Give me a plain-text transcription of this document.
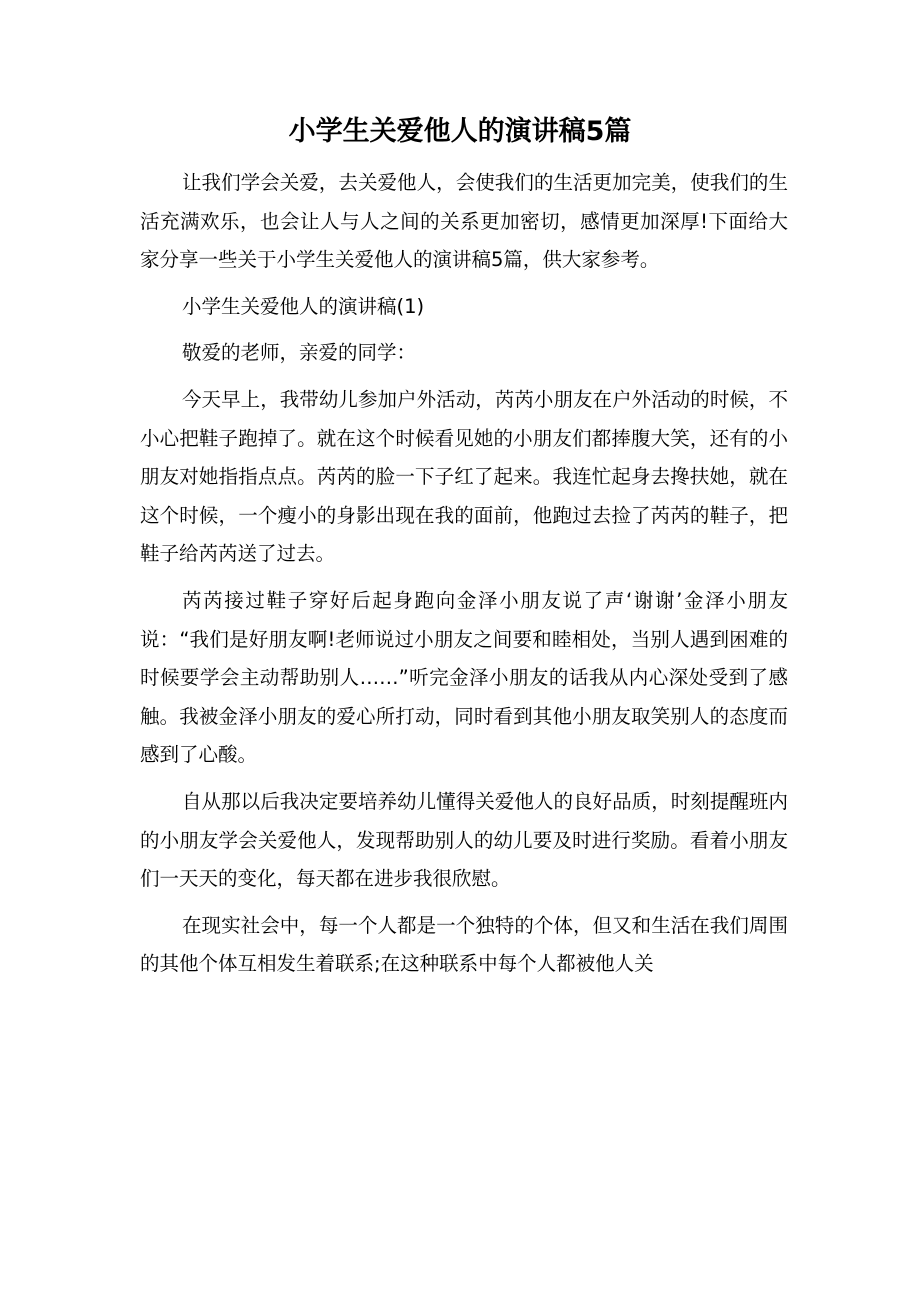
小学生关爱他人的演讲稿5篇

让我们学会关爱，去关爱他人，会使我们的生活更加完美，使我们的生活充满欢乐，也会让人与人之间的关系更加密切，感情更加深厚!下面给大家分享一些关于小学生关爱他人的演讲稿5篇，供大家参考。

小学生关爱他人的演讲稿(1)

敬爱的老师，亲爱的同学：

今天早上，我带幼儿参加户外活动，芮芮小朋友在户外活动的时候，不小心把鞋子跑掉了。就在这个时候看见她的小朋友们都捧腹大笑，还有的小朋友对她指指点点。芮芮的脸一下子红了起来。我连忙起身去搀扶她，就在这个时候，一个瘦小的身影出现在我的面前，他跑过去捡了芮芮的鞋子，把鞋子给芮芮送了过去。

芮芮接过鞋子穿好后起身跑向金泽小朋友说了声‘谢谢’金泽小朋友说：“我们是好朋友啊!老师说过小朋友之间要和睦相处，当别人遇到困难的时候要学会主动帮助别人……”听完金泽小朋友的话我从内心深处受到了感触。我被金泽小朋友的爱心所打动，同时看到其他小朋友取笑别人的态度而感到了心酸。

自从那以后我决定要培养幼儿懂得关爱他人的良好品质，时刻提醒班内的小朋友学会关爱他人，发现帮助别人的幼儿要及时进行奖励。看着小朋友们一天天的变化，每天都在进步我很欣慰。

在现实社会中，每一个人都是一个独特的个体，但又和生活在我们周围的其他个体互相发生着联系;在这种联系中每个人都被他人关
